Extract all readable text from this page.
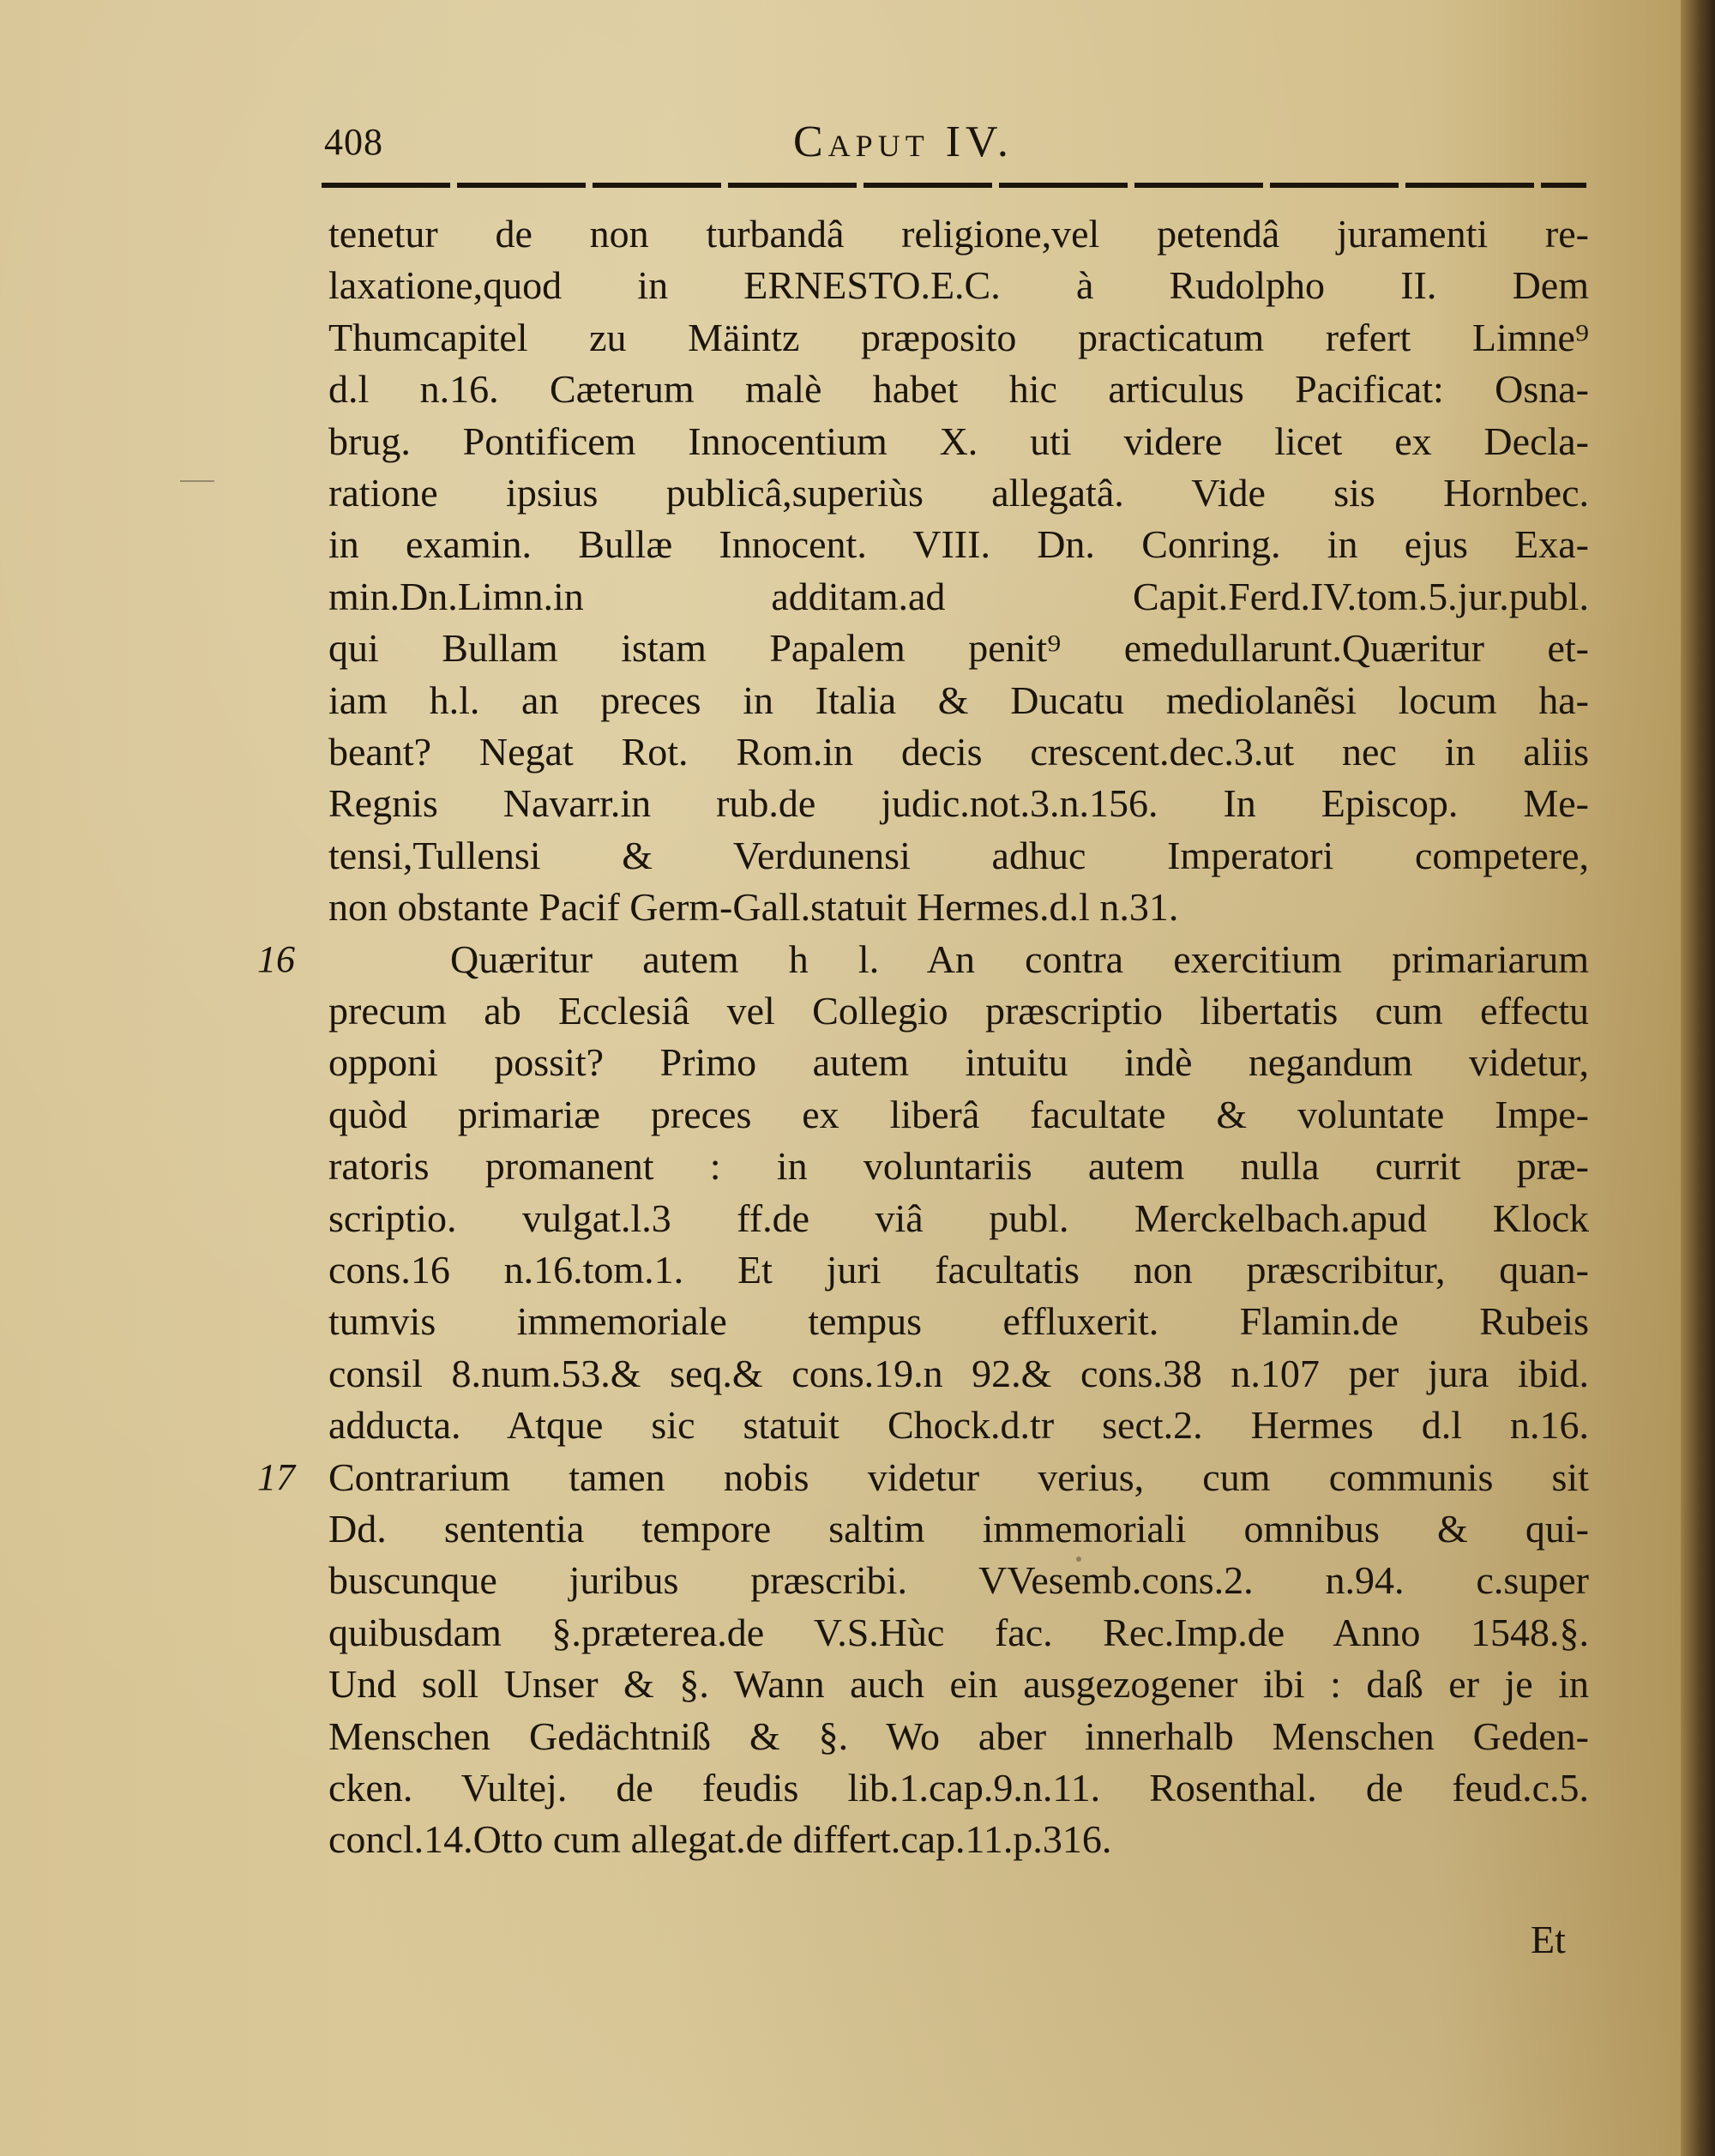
408	Caput IV.
tenetur de non turbandâ religione,vel petendâ juramenti re-
laxatione,quod in ERNESTO.E.C. à Rudolpho II. Dem
Thumcapitel zu Mäintz præposito practicatum refert Limne⁹
d.l n.16. Cæterum malè habet hic articulus Pacificat: Osna-
brug. Pontificem Innocentium X. uti videre licet ex Decla-
ratione ipsius publicâ,superiùs allegatâ. Vide sis Hornbec.
in examin. Bullæ Innocent. VIII. Dn. Conring. in ejus Exa-
min.Dn.Limn.in additam.ad Capit.Ferd.IV.tom.5.jur.publ.
qui Bullam istam Papalem penit⁹ emedullarunt.Quæritur et-
iam h.l. an preces in Italia & Ducatu mediolanẽsi locum ha-
beant? Negat Rot. Rom.in decis crescent.dec.3.ut nec in aliis
Regnis Navarr.in rub.de judic.not.3.n.156. In Episcop. Me-
tensi,Tullensi & Verdunensi adhuc Imperatori competere,
non obstante Pacif Germ-Gall.statuit Hermes.d.l n.31.
Quæritur autem h l. An contra exercitium primariarum
precum ab Ecclesiâ vel Collegio præscriptio libertatis cum effectu
opponi possit? Primo autem intuitu indè negandum videtur,
quòd primariæ preces ex liberâ facultate & voluntate Impe-
ratoris promanent : in voluntariis autem nulla currit præ-
scriptio. vulgat.l.3 ff.de viâ publ. Merckelbach.apud Klock
cons.16 n.16.tom.1. Et juri facultatis non præscribitur, quan-
tumvis immemoriale tempus effluxerit. Flamin.de Rubeis
consil 8.num.53.& seq.& cons.19.n 92.& cons.38 n.107 per jura ibid.
adducta. Atque sic statuit Chock.d.tr sect.2. Hermes d.l n.16.
Contrarium tamen nobis videtur verius, cum communis sit
Dd. sententia tempore saltim immemoriali omnibus & qui-
buscunque juribus præscribi. VVesemb.cons.2. n.94. c.super
quibusdam §.præterea.de V.S.Hùc fac. Rec.Imp.de Anno 1548.§.
Und soll Unser & §. Wann auch ein ausgezogener ibi : daß er je in
Menschen Gedächtniß & §. Wo aber innerhalb Menschen Geden-
cken. Vultej. de feudis lib.1.cap.9.n.11. Rosenthal. de feud.c.5.
concl.14.Otto cum allegat.de differt.cap.11.p.316.
16
17
Et
